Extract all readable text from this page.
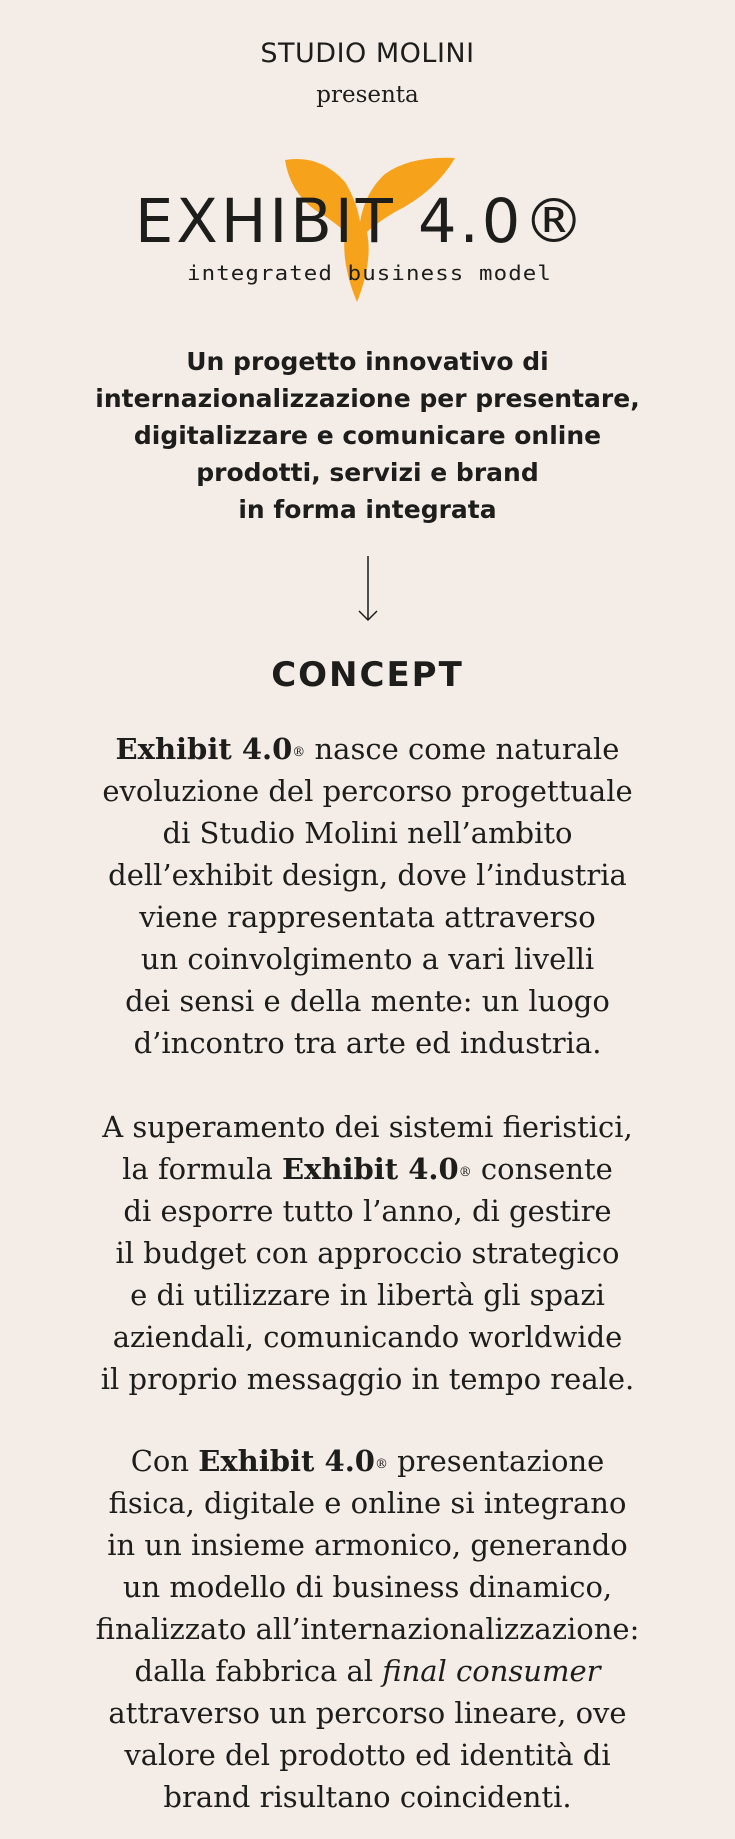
STUDIO MOLINI
presenta
EXHIBIT 4.0®
integrated business model
Un progetto innovativo di
internazionalizzazione per presentare,
digitalizzare e comunicare online
prodotti, servizi e brand
in forma integrata
CONCEPT
Exhibit 4.0® nasce come naturale
evoluzione del percorso progettuale
di Studio Molini nell’ambito
dell’exhibit design, dove l’industria
viene rappresentata attraverso
un coinvolgimento a vari livelli
dei sensi e della mente: un luogo
d’incontro tra arte ed industria.
A superamento dei sistemi fieristici,
la formula Exhibit 4.0® consente
di esporre tutto l’anno, di gestire
il budget con approccio strategico
e di utilizzare in libertà gli spazi
aziendali, comunicando worldwide
il proprio messaggio in tempo reale.
Con Exhibit 4.0® presentazione
fisica, digitale e online si integrano
in un insieme armonico, generando
un modello di business dinamico,
finalizzato all’internazionalizzazione:
dalla fabbrica al final consumer
attraverso un percorso lineare, ove
valore del prodotto ed identità di
brand risultano coincidenti.
